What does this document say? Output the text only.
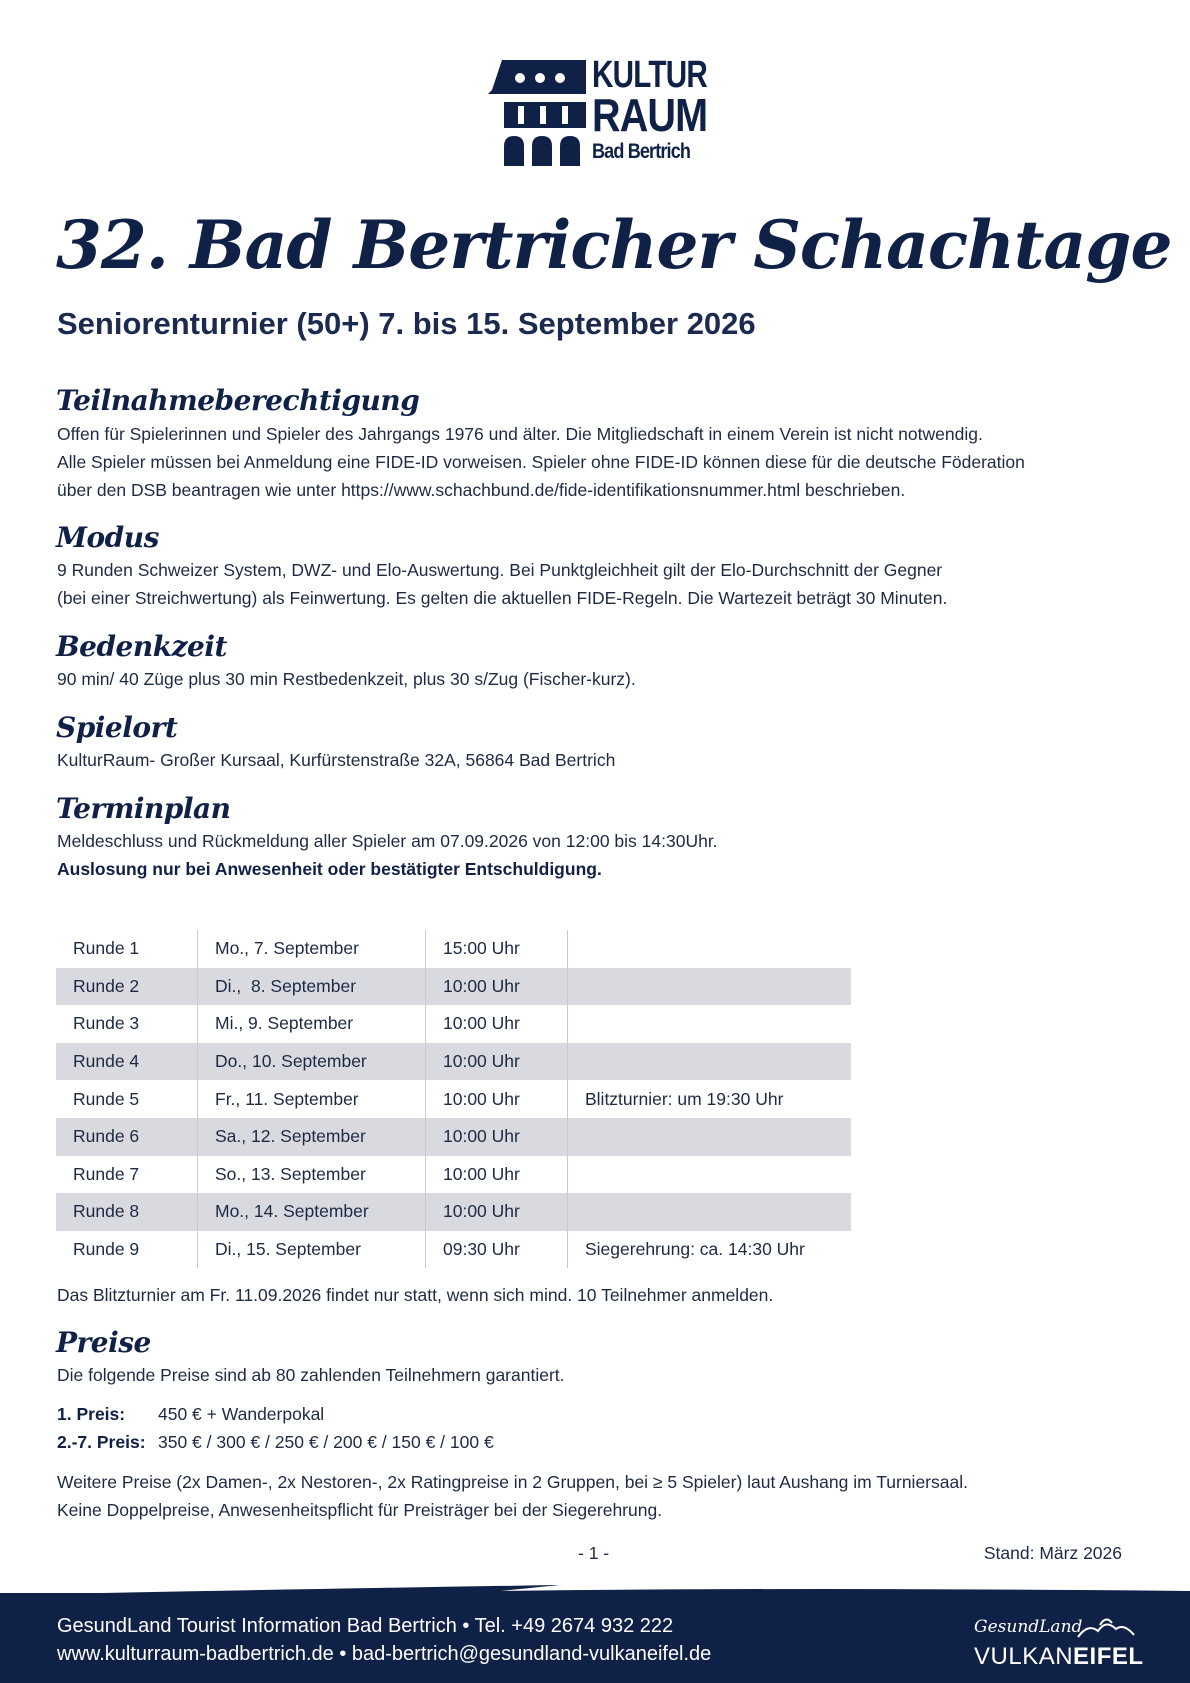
KULTUR
RAUM
Bad Bertrich
32. Bad Bertricher Schachtage
Seniorenturnier (50+) 7. bis 15. September 2026
Teilnahmeberechtigung
Offen für Spielerinnen und Spieler des Jahrgangs 1976 und älter. Die Mitgliedschaft in einem Verein ist nicht notwendig.
Alle Spieler müssen bei Anmeldung eine FIDE-ID vorweisen. Spieler ohne FIDE-ID können diese für die deutsche Föderation
über den DSB beantragen wie unter https://www.schachbund.de/fide-identifikationsnummer.html beschrieben.
Modus
9 Runden Schweizer System, DWZ- und Elo-Auswertung. Bei Punktgleichheit gilt der Elo-Durchschnitt der Gegner
(bei einer Streichwertung) als Feinwertung. Es gelten die aktuellen FIDE-Regeln. Die Wartezeit beträgt 30 Minuten.
Bedenkzeit
90 min/ 40 Züge plus 30 min Restbedenkzeit, plus 30 s/Zug (Fischer-kurz).
Spielort
KulturRaum- Großer Kursaal, Kurfürstenstraße 32A, 56864 Bad Bertrich
Terminplan
Meldeschluss und Rückmeldung aller Spieler am 07.09.2026 von 12:00 bis 14:30Uhr.
Auslosung nur bei Anwesenheit oder bestätigter Entschuldigung.
Runde 1	Mo., 7. September	15:00 Uhr	
Runde 2	Di.,  8. September	10:00 Uhr	
Runde 3	Mi., 9. September	10:00 Uhr	
Runde 4	Do., 10. September	10:00 Uhr	
Runde 5	Fr., 11. September	10:00 Uhr	Blitzturnier: um 19:30 Uhr
Runde 6	Sa., 12. September	10:00 Uhr	
Runde 7	So., 13. September	10:00 Uhr	
Runde 8	Mo., 14. September	10:00 Uhr	
Runde 9	Di., 15. September	09:30 Uhr	Siegerehrung: ca. 14:30 Uhr
Das Blitzturnier am Fr. 11.09.2026 findet nur statt, wenn sich mind. 10 Teilnehmer anmelden.
Preise
Die folgende Preise sind ab 80 zahlenden Teilnehmern garantiert.
1. Preis: 450 € + Wanderpokal
2.-7. Preis: 350 € / 300 € / 250 € / 200 € / 150 € / 100 €
Weitere Preise (2x Damen-, 2x Nestoren-, 2x Ratingpreise in 2 Gruppen, bei ≥ 5 Spieler) laut Aushang im Turniersaal.
Keine Doppelpreise, Anwesenheitspflicht für Preisträger bei der Siegerehrung.
- 1 -	Stand: März 2026
GesundLand Tourist Information Bad Bertrich • Tel. +49 2674 932 222
www.kulturraum-badbertrich.de • bad-bertrich@gesundland-vulkaneifel.de
GesundLand
VULKANEIFEL
